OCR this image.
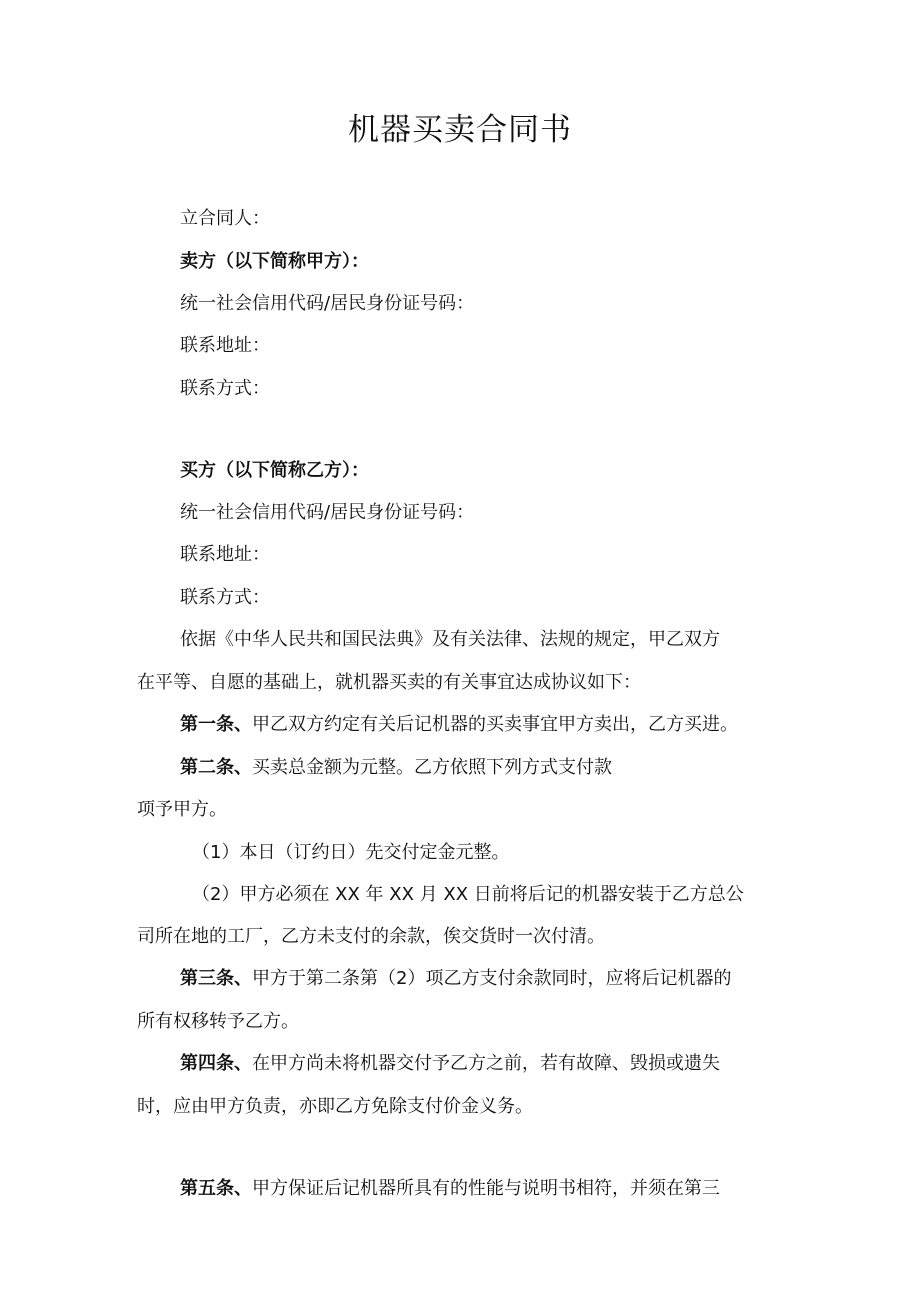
机器买卖合同书

立合同人：

卖方（以下简称甲方）：

统一社会信用代码/居民身份证号码：

联系地址：

联系方式：

买方（以下简称乙方）：

统一社会信用代码/居民身份证号码：

联系地址：

联系方式：

依据《中华人民共和国民法典》及有关法律、法规的规定，甲乙双方

在平等、自愿的基础上，就机器买卖的有关事宜达成协议如下：

第一条、甲乙双方约定有关后记机器的买卖事宜甲方卖出，乙方买进。

第二条、买卖总金额为元整。乙方依照下列方式支付款

项予甲方。

（1）本日（订约日）先交付定金元整。

（2）甲方必须在 XX 年 XX 月 XX 日前将后记的机器安装于乙方总公

司所在地的工厂，乙方未支付的余款，俟交货时一次付清。

第三条、甲方于第二条第（2）项乙方支付余款同时，应将后记机器的

所有权移转予乙方。

第四条、在甲方尚未将机器交付予乙方之前，若有故障、毁损或遗失

时，应由甲方负责，亦即乙方免除支付价金义务。

第五条、甲方保证后记机器所具有的性能与说明书相符，并须在第三
